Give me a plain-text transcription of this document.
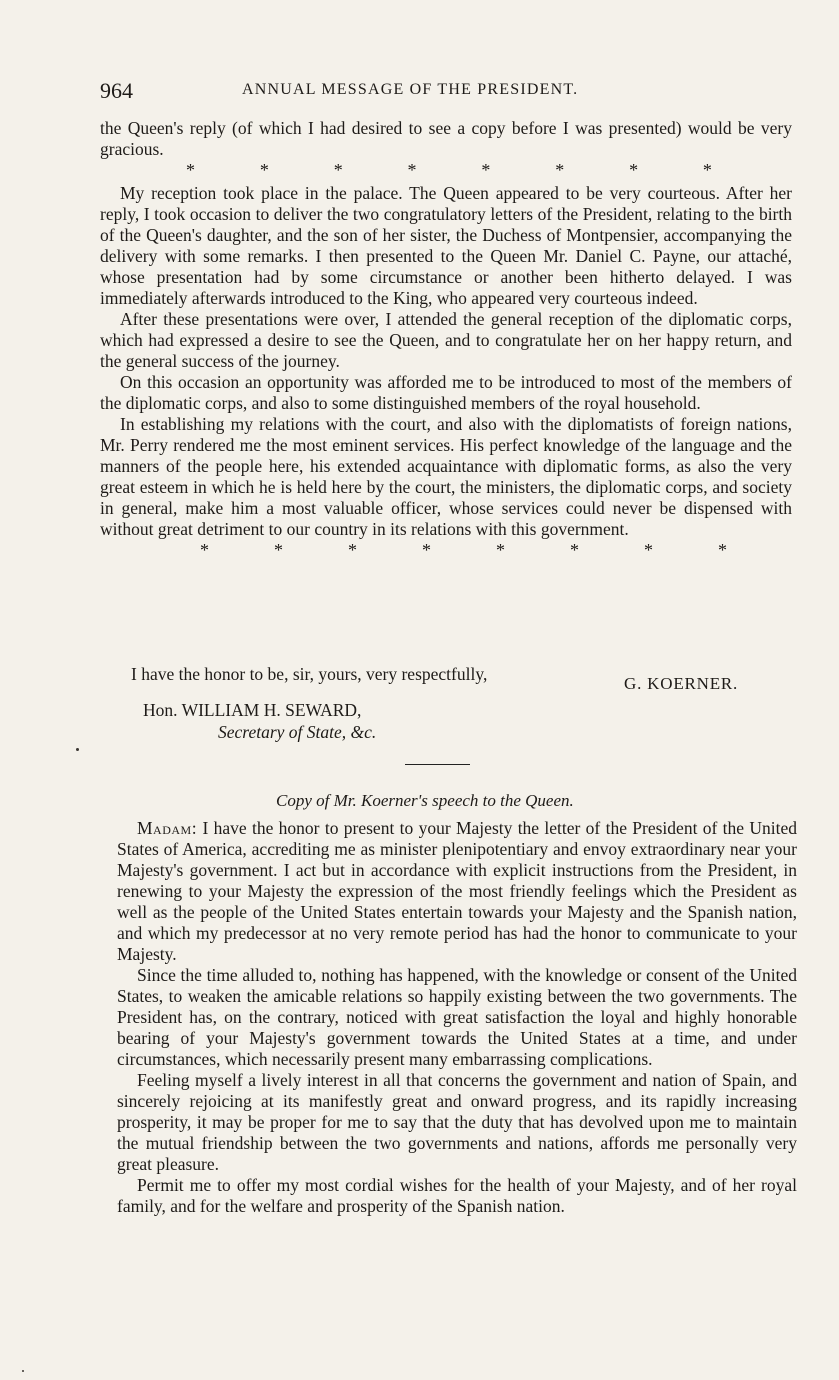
964	ANNUAL MESSAGE OF THE PRESIDENT.

the Queen's reply (of which I had desired to see a copy before I was presented) would be very gracious.

*	*	*	*	*	*	*	*

My reception took place in the palace. The Queen appeared to be very courteous. After her reply, I took occasion to deliver the two congratulatory letters of the President, relating to the birth of the Queen's daughter, and the son of her sister, the Duchess of Montpensier, accompanying the delivery with some remarks. I then presented to the Queen Mr. Daniel C. Payne, our attaché, whose presentation had by some circumstance or another been hitherto delayed. I was immediately afterwards introduced to the King, who appeared very courteous indeed.

After these presentations were over, I attended the general reception of the diplomatic corps, which had expressed a desire to see the Queen, and to congratulate her on her happy return, and the general success of the journey.

On this occasion an opportunity was afforded me to be introduced to most of the members of the diplomatic corps, and also to some distinguished members of the royal household.

In establishing my relations with the court, and also with the diplomatists of foreign nations, Mr. Perry rendered me the most eminent services. His perfect knowledge of the language and the manners of the people here, his extended acquaintance with diplomatic forms, as also the very great esteem in which he is held here by the court, the ministers, the diplomatic corps, and society in general, make him a most valuable officer, whose services could never be dispensed with without great detriment to our country in its relations with this government.

*	*	*	*	*	*	*	*
I have the honor to be, sir, yours, very respectfully,	G. KOERNER.
Hon. WILLIAM H. SEWARD,
Secretary of State, &c.
Copy of Mr. Koerner's speech to the Queen.

Madam: I have the honor to present to your Majesty the letter of the President of the United States of America, accrediting me as minister plenipotentiary and envoy extraordinary near your Majesty's government. I act but in accordance with explicit instructions from the President, in renewing to your Majesty the expression of the most friendly feelings which the President as well as the people of the United States entertain towards your Majesty and the Spanish nation, and which my predecessor at no very remote period has had the honor to communicate to your Majesty.

Since the time alluded to, nothing has happened, with the knowledge or consent of the United States, to weaken the amicable relations so happily existing between the two governments. The President has, on the contrary, noticed with great satisfaction the loyal and highly honorable bearing of your Majesty's government towards the United States at a time, and under circumstances, which necessarily present many embarrassing complications.

Feeling myself a lively interest in all that concerns the government and nation of Spain, and sincerely rejoicing at its manifestly great and onward progress, and its rapidly increasing prosperity, it may be proper for me to say that the duty that has devolved upon me to maintain the mutual friendship between the two governments and nations, affords me personally very great pleasure.

Permit me to offer my most cordial wishes for the health of your Majesty, and of her royal family, and for the welfare and prosperity of the Spanish nation.
